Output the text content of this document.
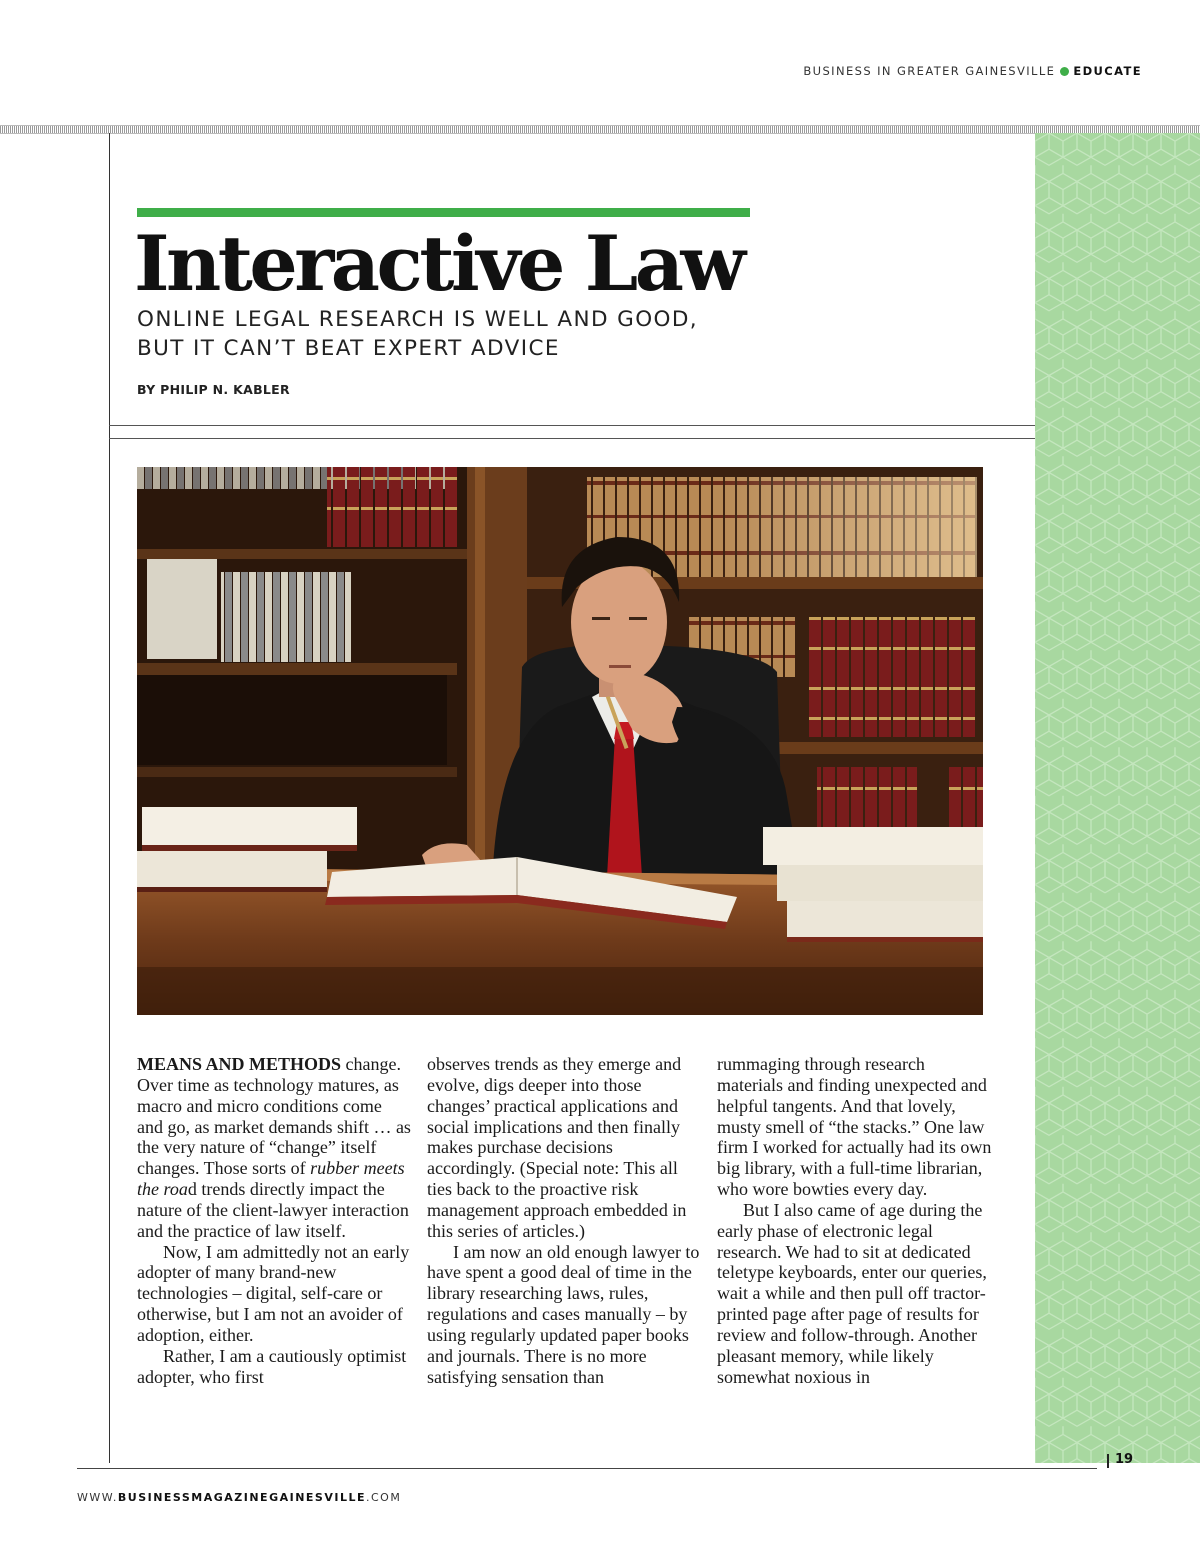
BUSINESS IN GREATER GAINESVILLE EDUCATE
Interactive Law

ONLINE LEGAL RESEARCH IS WELL AND GOOD,
BUT IT CAN’T BEAT EXPERT ADVICE

BY PHILIP N. KABLER

MEANS AND METHODS change. Over time as technology matures, as macro and micro conditions come and go, as market demands shift … as the very nature of “change” itself changes. Those sorts of rubber meets the road trends directly impact the nature of the client-lawyer interaction and the practice of law itself.

Now, I am admittedly not an early adopter of many brand-new technologies – digital, self-care or otherwise, but I am not an avoider of adoption, either.

Rather, I am a cautiously optimist adopter, who first

observes trends as they emerge and evolve, digs deeper into those changes’ practical applications and social implications and then finally makes purchase decisions accordingly. (Special note: This all ties back to the proactive risk management approach embedded in this series of articles.)

I am now an old enough lawyer to have spent a good deal of time in the library researching laws, rules, regulations and cases manually – by using regularly updated paper books and journals. There is no more satisfying sensation than

rummaging through research materials and finding unexpected and helpful tangents. And that lovely, musty smell of “the stacks.” One law firm I worked for actually had its own big library, with a full-time librarian, who wore bowties every day.

But I also came of age during the early phase of electronic legal research. We had to sit at dedicated teletype keyboards, enter our queries, wait a while and then pull off tractor-printed page after page of results for review and follow-through. Another pleasant memory, while likely somewhat noxious in

19
WWW.BUSINESSMAGAZINEGAINESVILLE.COM
